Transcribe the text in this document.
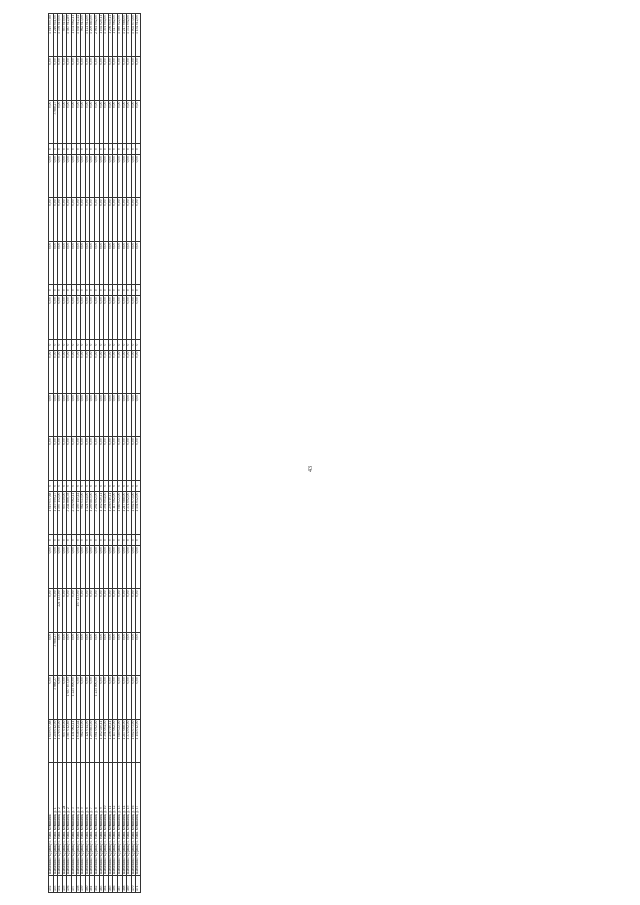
452	Шамонино-Буранку Г. Наш. Ковшкина	1 019 057,88	0,00	0,00	0,00	0,00	0	1 019 057,88	0	0,00	0,00	0,00	0	0,00	0	0,00	0,00	0,00	0	0,00	0,00	1 019 057,88
453	Шамонино-Буранку Г. Наш. Ковшкина, д. 1	1 216 012,00	3 988,27	3 988,27	0,00	0,00	0	1 219 999,27	0	0,00	0,00	0,00	0	0,00	0	0,00	0,00	0,00	0	3 988,27	0,00	1 216 011,00
454	Шамонино-Буранку Г. Наш. Ковшкина, д. 2	1 376 019,00	0,00	0,00	221 133,00	0,00	0	1 597 152,00	0	0,00	0,00	0,00	0	0,00	0	0,00	0,00	0,00	0	0,00	0,00	1 376 019,00
455	Шамонино-Буранку Г. Наш. Ковшкина, д. 2а	957 019,00	0,00	0,00	0,00	0,00	0	957 019,00	0	0,00	0,00	0,00	0	0,00	0	0,00	0,00	0,00	0	0,00	0,00	957 019,00
456	Шамонино-Буранку Г. Наш. Ковшкина, д. 2	1 587 012,89	1 657 873,89	0,00	0,00	0,00	0	3 244 886,78	0	0,00	0,00	0,00	0	0,00	0	0,00	0,00	0,00	0	0,00	0,00	1 587 012,89
457	Шамонино-Буранку Г. Наш. Ковшкина, д. 3	1 131 062,11	1 221 000,00	0,00	0,00	0,00	0	2 352 062,11	0	0,00	0,00	0,00	0	0,00	0	0,00	0,00	0,00	0	0,00	0,00	1 131 062,11
458	Шамонино-Буранку Г. Наш. Ковшкина, д. 4	1 038 012,44	0,00	0,00	157 133,00	0,00	0	1 195 145,44	0	0,00	0,00	0,00	0	0,00	0	0,00	0,00	0,00	0	0,00	0,00	1 038 012,44
459	Шамонино-Буранку Г. Наш. Ковшкина, д. 5	962 013,00	0,00	0,00	0,00	0,00	0	962 013,00	0	0,00	0,00	0,00	0	0,00	0	0,00	0,00	0,00	0	0,00	0,00	962 013,00
460	Шамонино-Буранку Г. Наш. Ковшкина, д. 6	1 121 014,00	0,00	0,00	0,00	0,00	0	1 121 014,00	0	0,00	0,00	0,00	0	0,00	0	0,00	0,00	0,00	0	0,00	0,00	1 121 014,00
461	Шамонино-Буранку Г. Наш. Ковшкина, д. 7	1 209 883,00	0,00	0,00	0,00	0,00	0	1 209 883,00	0	0,00	0,00	0,00	0	0,00	0	0,00	0,00	0,00	0	0,00	0,00	1 209 883,00
462	Шамонино-Буранку Г. Наш. Ковшкина, д. 8	2 061 092,00	1 231 000,00	0,00	0,00	0,00	0	3 292 092,00	0	0,00	0,00	0,00	0	0,00	0	0,00	0,00	0,00	0	0,00	0,00	2 061 092,00
463	Шамонино-Буранку Г. Наш. Ковшкина, д. 9	1 102 020,11	0,00	0,00	0,00	0,00	0	1 102 020,11	0	0,00	0,00	0,00	0	0,00	0	0,00	0,00	0,00	0	0,00	0,00	1 102 020,11
464	Шамонино-Буранку Г. Наш. Ковшкина, д. 10	1 391 004,00	0,00	0,00	0,00	0,00	0	1 391 004,00	0	0,00	0,00	0,00	0	0,00	0	0,00	0,00	0,00	0	0,00	0,00	1 391 004,00
465	Шамонино-Буранку Г. Наш. Ковшкина, д. 11	1 256 010,11	0,00	0,00	0,00	0,00	0	1 256 010,11	0	0,00	0,00	0,00	0	0,00	0	0,00	0,00	0,00	0	0,00	0,00	1 256 010,11
466	Шамонино-Буранку Г. Наш. Ковшкина, д. 12	1 117 062,00	0,00	0,00	0,00	0,00	0	1 117 062,00	0	0,00	0,00	0,00	0	0,00	0	0,00	0,00	0,00	0	0,00	0,00	1 117 062,00
467	Шамонино-Буранку Г. Наш. Ковшкина, д. 13	1 089 022,00	0,00	0,00	0,00	0,00	0	1 089 022,00	0	0,00	0,00	0,00	0	0,00	0	0,00	0,00	0,00	0	0,00	0,00	1 089 022,00
468	Шамонино-Буранку Г. Наш. Ковшкина, д. 14	1 217 088,00	0,00	0,00	0,00	0,00	0	1 217 088,00	0	0,00	0,00	0,00	0	0,00	0	0,00	0,00	0,00	0	0,00	0,00	1 217 088,00
469	Шамонино-Буранку Г. Наш. Ковшкина, д. 15	1 374 092,00	0,00	0,00	0,00	0,00	0	1 374 092,00	0	0,00	0,00	0,00	0	0,00	0	0,00	0,00	0,00	0	0,00	0,00	1 374 092,00
470	Шамонино-Буранку Г. Наш. Ковшкина, д. 16	1 002 073,00	0,00	0,00	0,00	0,00	0	1 002 073,00	0	0,00	0,00	0,00	0	0,00	0	0,00	0,00	0,00	0	0,00	0,00	1 002 073,00
471	Шамонино-Буранку Г. Наш. Ковшкина, д. 17	1 154 012,00	0,00	0,00	0,00	0,00	0	1 154 012,00	0	0,00	0,00	0,00	0	0,00	0	0,00	0,00	0,00	0	0,00	0,00	1 154 012,00
43
